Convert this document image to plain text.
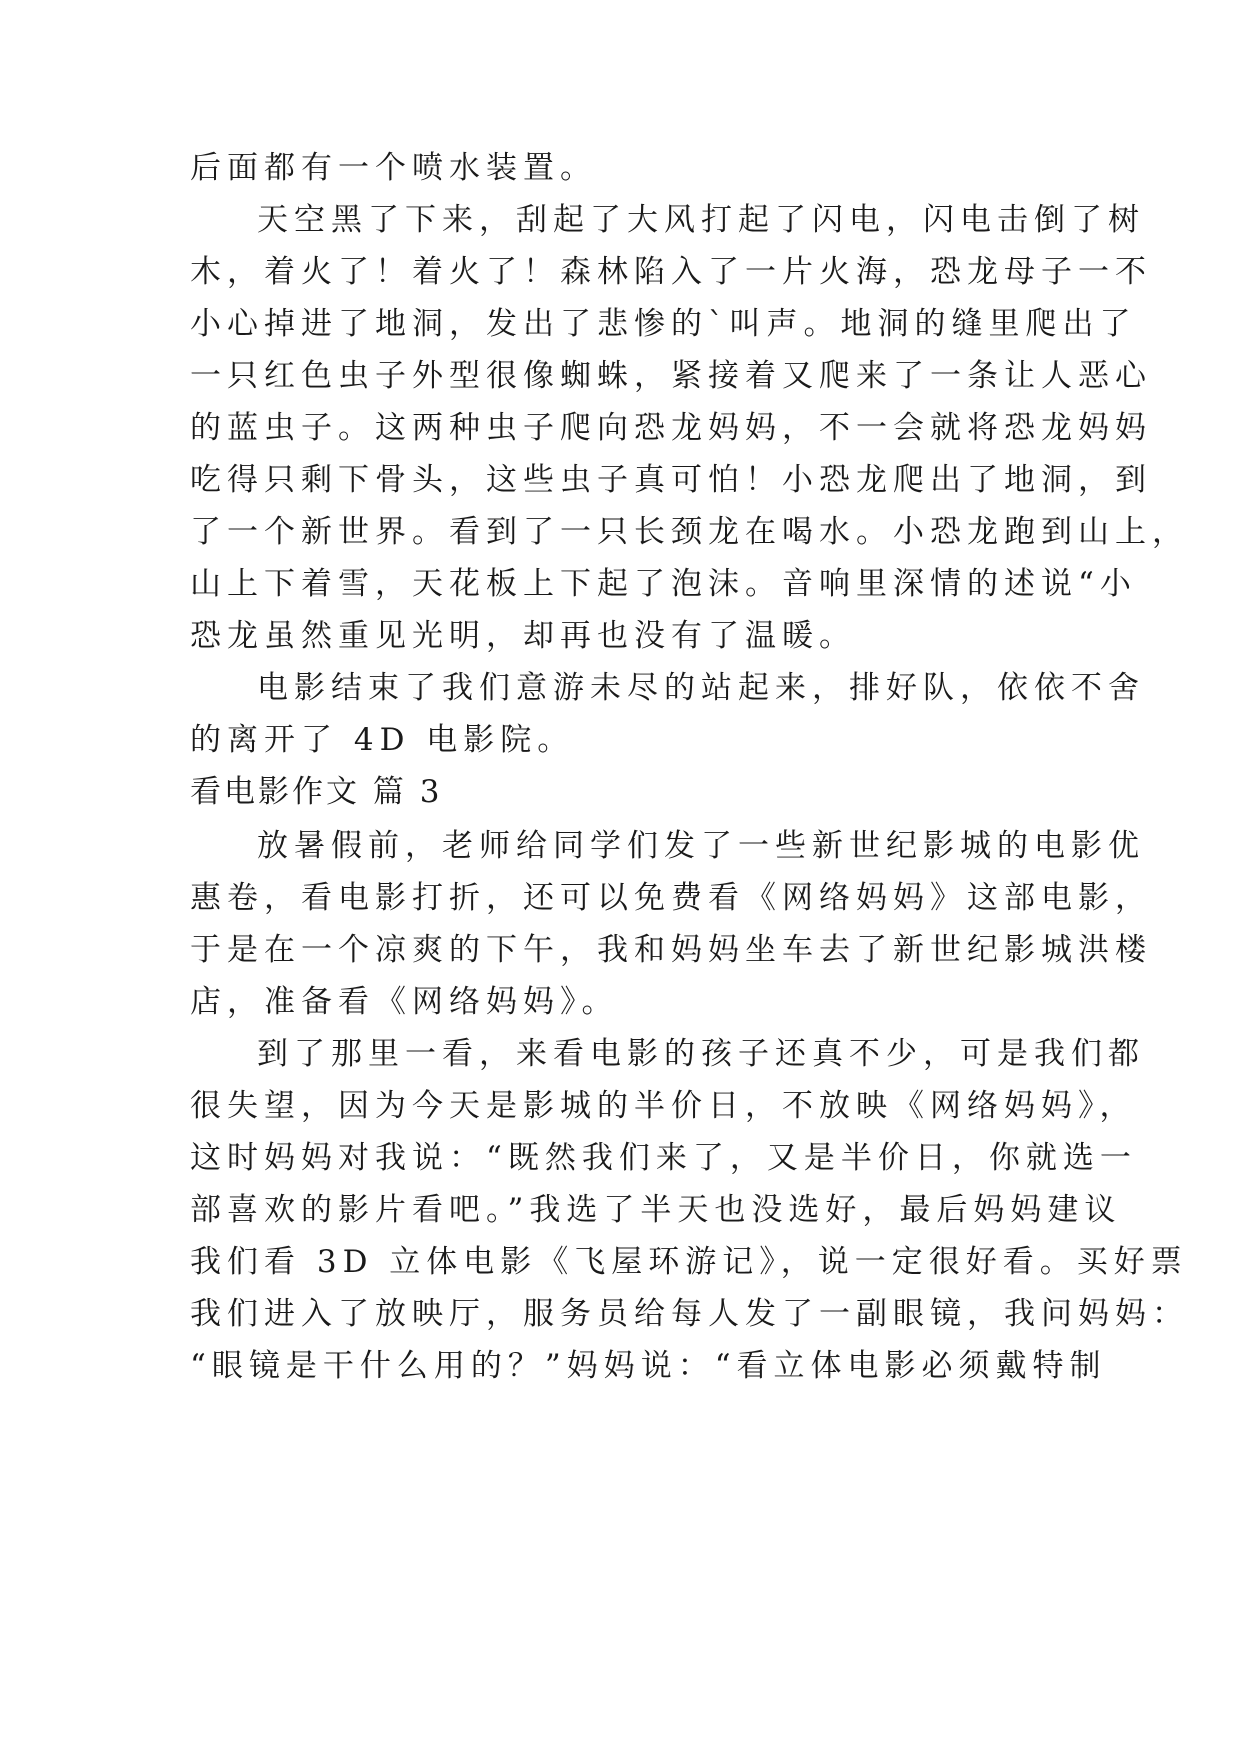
后面都有一个喷水装置。
天空黑了下来，刮起了大风打起了闪电，闪电击倒了树
木，着火了！着火了！森林陷入了一片火海，恐龙母子一不
小心掉进了地洞，发出了悲惨的`叫声。地洞的缝里爬出了
一只红色虫子外型很像蜘蛛，紧接着又爬来了一条让人恶心
的蓝虫子。这两种虫子爬向恐龙妈妈，不一会就将恐龙妈妈
吃得只剩下骨头，这些虫子真可怕！小恐龙爬出了地洞，到
了一个新世界。看到了一只长颈龙在喝水。小恐龙跑到山上，
山上下着雪，天花板上下起了泡沫。音响里深情的述说“小
恐龙虽然重见光明，却再也没有了温暖。
电影结束了我们意游未尽的站起来，排好队，依依不舍
的离开了 4D 电影院。
看电影作文 篇 3
放暑假前，老师给同学们发了一些新世纪影城的电影优
惠卷，看电影打折，还可以免费看《网络妈妈》这部电影，
于是在一个凉爽的下午，我和妈妈坐车去了新世纪影城洪楼
店，准备看《网络妈妈》。
到了那里一看，来看电影的孩子还真不少，可是我们都
很失望，因为今天是影城的半价日，不放映《网络妈妈》，
这时妈妈对我说：“既然我们来了，又是半价日，你就选一
部喜欢的影片看吧。”我选了半天也没选好，最后妈妈建议
我们看 3D 立体电影《飞屋环游记》，说一定很好看。买好票
我们进入了放映厅，服务员给每人发了一副眼镜，我问妈妈：
“眼镜是干什么用的？”妈妈说：“看立体电影必须戴特制
